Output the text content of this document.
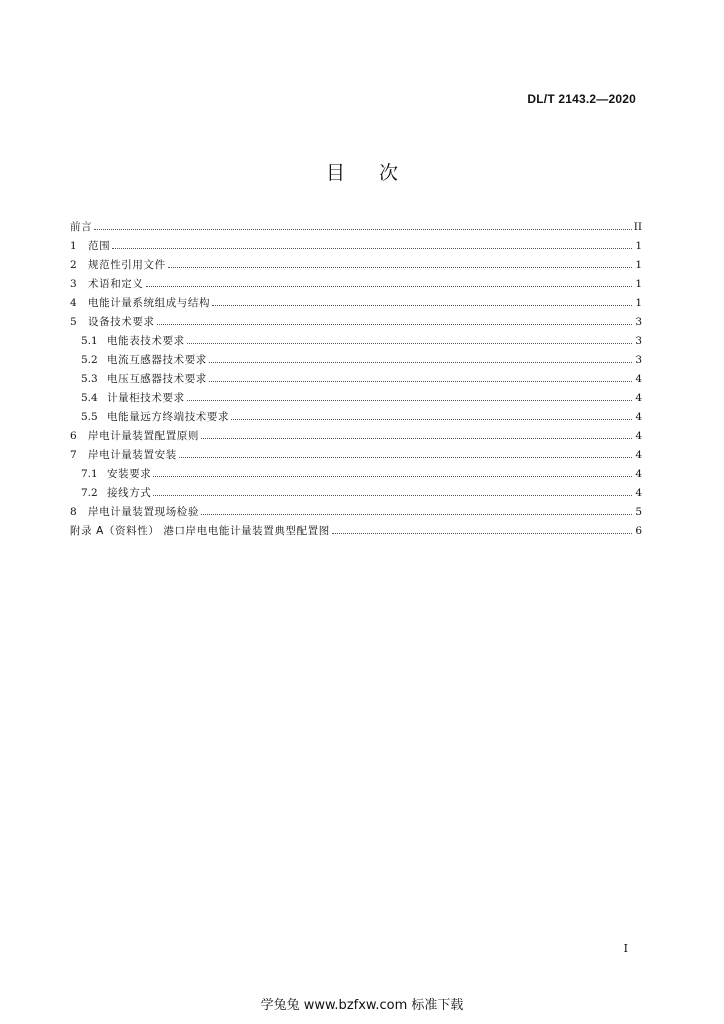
DL/T 2143.2—2020
目 次
前言	II
1	范围	1
2	规范性引用文件	1
3	术语和定义	1
4	电能计量系统组成与结构	1
5	设备技术要求	3
5.1 电能表技术要求	3
5.2 电流互感器技术要求	3
5.3 电压互感器技术要求	4
5.4 计量柜技术要求	4
5.5 电能量远方终端技术要求	4
6	岸电计量装置配置原则	4
7	岸电计量装置安装	4
7.1 安装要求	4
7.2 接线方式	4
8	岸电计量装置现场检验	5
附录 A（资料性） 港口岸电电能计量装置典型配置图	6
I
学兔兔 www.bzfxw.com 标准下载
